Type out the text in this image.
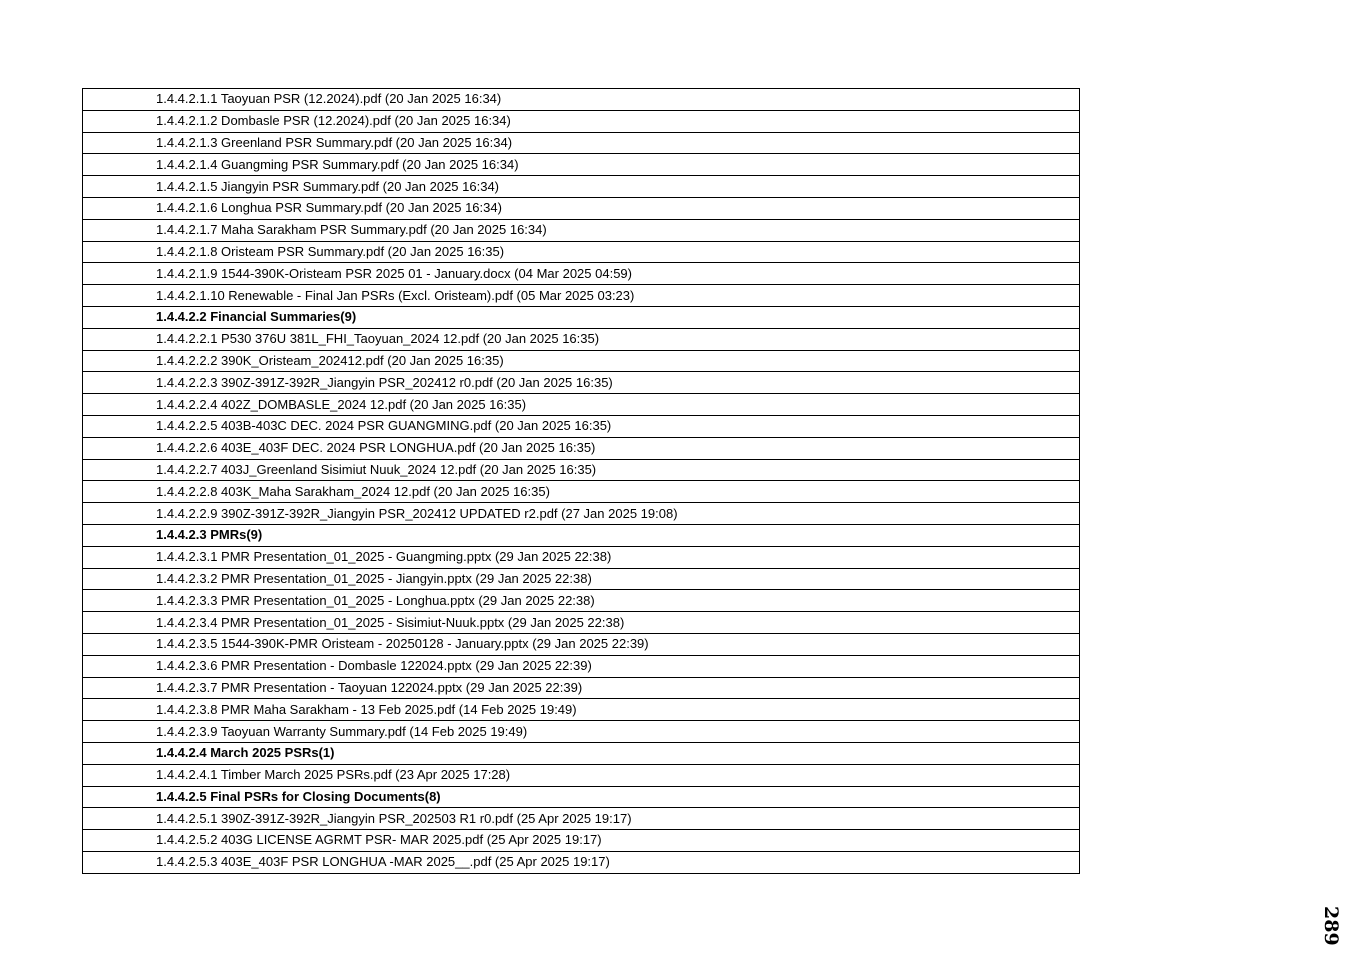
1.4.4.2.1.1 Taoyuan PSR (12.2024).pdf (20 Jan 2025 16:34)
1.4.4.2.1.2 Dombasle PSR (12.2024).pdf (20 Jan 2025 16:34)
1.4.4.2.1.3 Greenland PSR Summary.pdf (20 Jan 2025 16:34)
1.4.4.2.1.4 Guangming PSR Summary.pdf (20 Jan 2025 16:34)
1.4.4.2.1.5 Jiangyin PSR Summary.pdf (20 Jan 2025 16:34)
1.4.4.2.1.6 Longhua PSR Summary.pdf (20 Jan 2025 16:34)
1.4.4.2.1.7 Maha Sarakham PSR Summary.pdf (20 Jan 2025 16:34)
1.4.4.2.1.8 Oristeam PSR Summary.pdf (20 Jan 2025 16:35)
1.4.4.2.1.9 1544-390K-Oristeam PSR 2025 01 - January.docx (04 Mar 2025 04:59)
1.4.4.2.1.10 Renewable - Final Jan PSRs (Excl. Oristeam).pdf (05 Mar 2025 03:23)
1.4.4.2.2 Financial Summaries(9)
1.4.4.2.2.1 P530 376U 381L_FHI_Taoyuan_2024 12.pdf (20 Jan 2025 16:35)
1.4.4.2.2.2 390K_Oristeam_202412.pdf (20 Jan 2025 16:35)
1.4.4.2.2.3 390Z-391Z-392R_Jiangyin PSR_202412 r0.pdf (20 Jan 2025 16:35)
1.4.4.2.2.4 402Z_DOMBASLE_2024 12.pdf (20 Jan 2025 16:35)
1.4.4.2.2.5 403B-403C DEC. 2024 PSR GUANGMING.pdf (20 Jan 2025 16:35)
1.4.4.2.2.6 403E_403F DEC. 2024 PSR LONGHUA.pdf (20 Jan 2025 16:35)
1.4.4.2.2.7 403J_Greenland Sisimiut Nuuk_2024 12.pdf (20 Jan 2025 16:35)
1.4.4.2.2.8 403K_Maha Sarakham_2024 12.pdf (20 Jan 2025 16:35)
1.4.4.2.2.9 390Z-391Z-392R_Jiangyin PSR_202412 UPDATED r2.pdf (27 Jan 2025 19:08)
1.4.4.2.3 PMRs(9)
1.4.4.2.3.1 PMR Presentation_01_2025 - Guangming.pptx (29 Jan 2025 22:38)
1.4.4.2.3.2 PMR Presentation_01_2025 - Jiangyin.pptx (29 Jan 2025 22:38)
1.4.4.2.3.3 PMR Presentation_01_2025 - Longhua.pptx (29 Jan 2025 22:38)
1.4.4.2.3.4 PMR Presentation_01_2025 - Sisimiut-Nuuk.pptx (29 Jan 2025 22:38)
1.4.4.2.3.5 1544-390K-PMR Oristeam - 20250128 - January.pptx (29 Jan 2025 22:39)
1.4.4.2.3.6 PMR Presentation - Dombasle 122024.pptx (29 Jan 2025 22:39)
1.4.4.2.3.7 PMR Presentation - Taoyuan 122024.pptx (29 Jan 2025 22:39)
1.4.4.2.3.8 PMR Maha Sarakham - 13 Feb 2025.pdf (14 Feb 2025 19:49)
1.4.4.2.3.9 Taoyuan Warranty Summary.pdf (14 Feb 2025 19:49)
1.4.4.2.4 March 2025 PSRs(1)
1.4.4.2.4.1 Timber March 2025 PSRs.pdf (23 Apr 2025 17:28)
1.4.4.2.5 Final PSRs for Closing Documents(8)
1.4.4.2.5.1 390Z-391Z-392R_Jiangyin PSR_202503 R1 r0.pdf (25 Apr 2025 19:17)
1.4.4.2.5.2 403G LICENSE AGRMT PSR- MAR 2025.pdf (25 Apr 2025 19:17)
1.4.4.2.5.3 403E_403F PSR LONGHUA -MAR 2025__.pdf (25 Apr 2025 19:17)
289
